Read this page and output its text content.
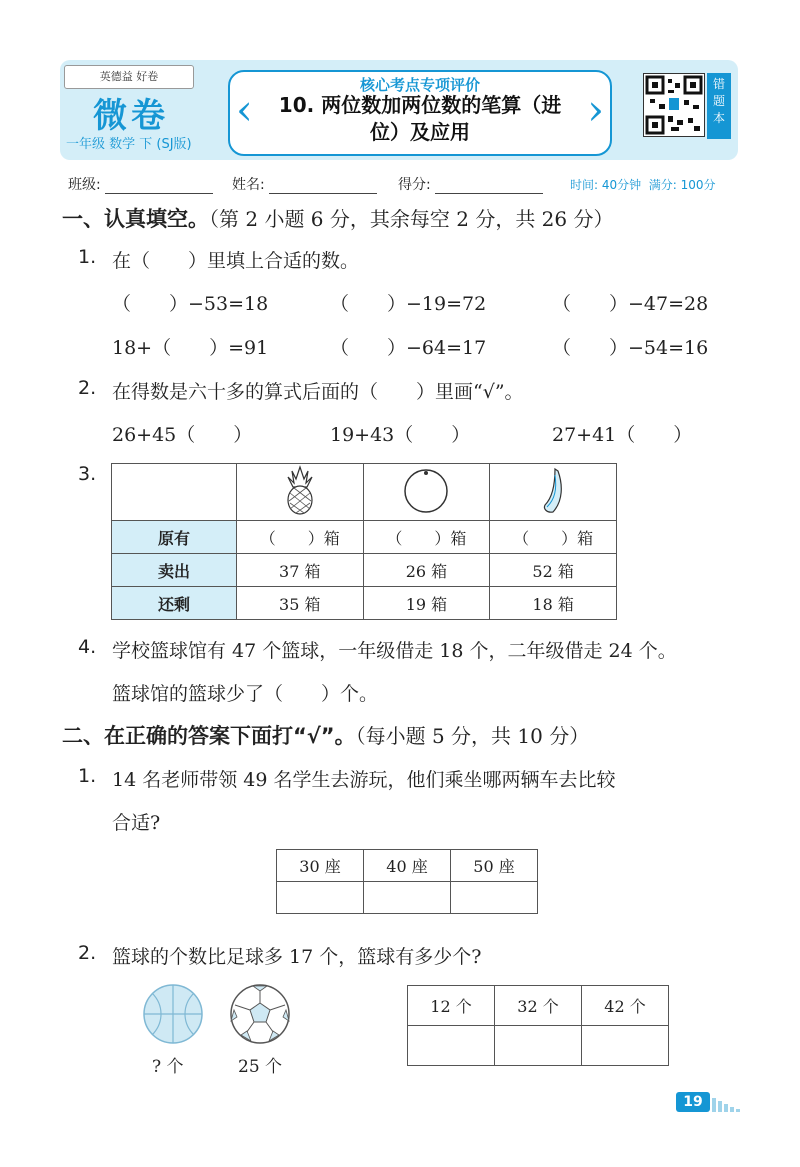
英德益 好卷
微卷
一年级 数学 下 (SJ版)
‹	›
核心考点专项评价
10. 两位数加两位数的笔算（进
位）及应用
错
题
本
班级:	姓名:	得分:	时间: 40分钟 满分: 100分
一、认真填空。（第 2 小题 6 分，其余每空 2 分，共 26 分）
1. 在（　　）里填上合适的数。
（　　）−53=18	（　　）−19=72	（　　）−47=28
18+（　　）=91	（　　）−64=17	（　　）−54=16
2. 在得数是六十多的算式后面的（　　）里画“√”。
26+45（　　）	19+43（　　）	27+41（　　）
3.

原有	（　　）箱	（　　）箱	（　　）箱
卖出	37 箱	26 箱	52 箱
还剩	35 箱	19 箱	18 箱
4. 学校篮球馆有 47 个篮球，一年级借走 18 个，二年级借走 24 个。
篮球馆的篮球少了（　　）个。
二、在正确的答案下面打“√”。（每小题 5 分，共 10 分）
1. 14 名老师带领 49 名学生去游玩，他们乘坐哪两辆车去比较
合适?
30 座	40 座	50 座

2. 篮球的个数比足球多 17 个，篮球有多少个?
? 个	25 个
12 个	32 个	42 个

19
